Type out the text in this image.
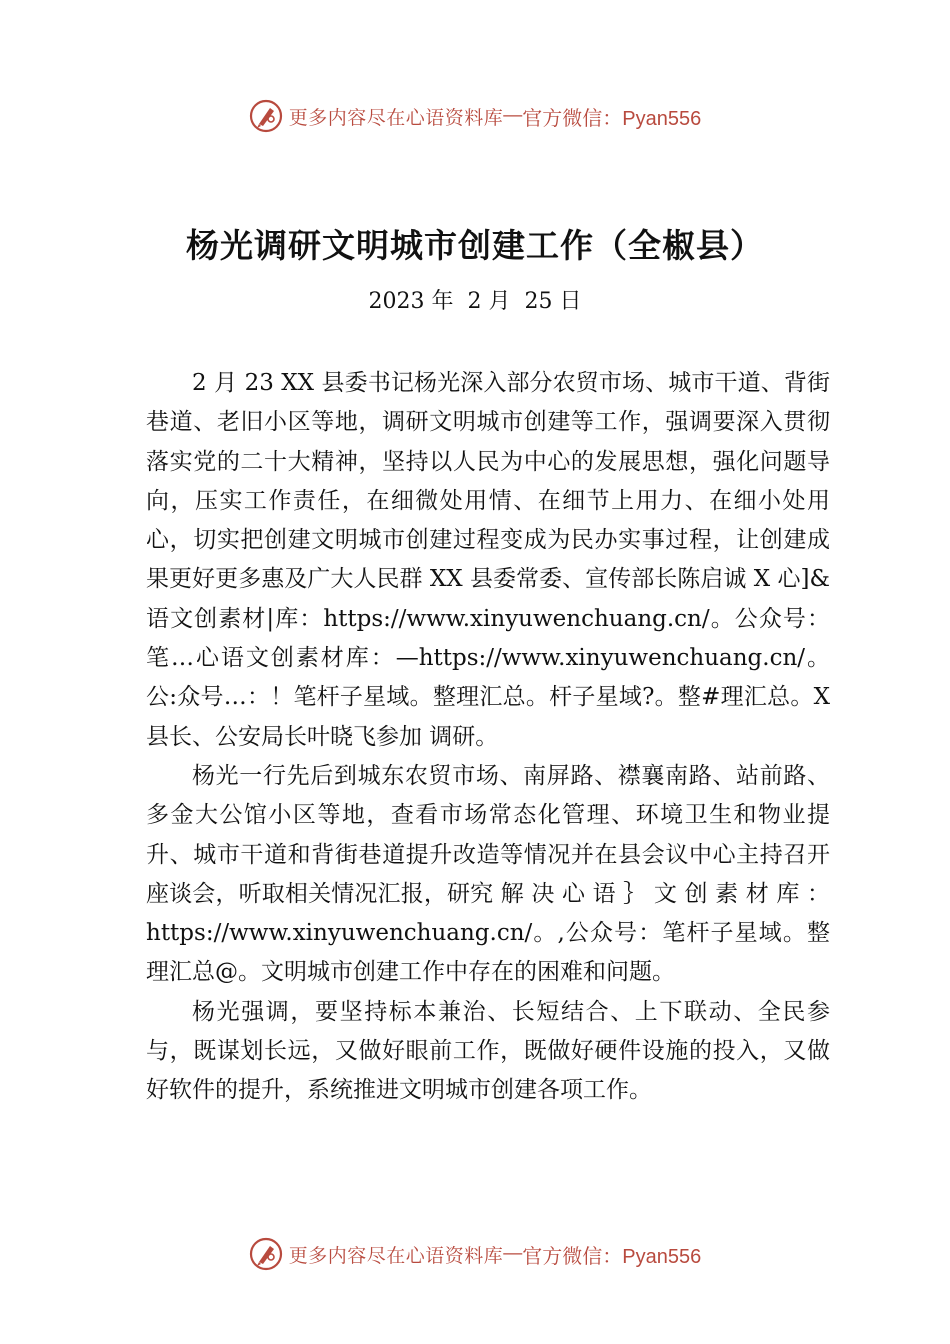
更多内容尽在心语资料库 — 官方微信：Pyan556
杨光调研文明城市创建工作（全椒县）
2023 年  2 月  25 日

2 月 23 XX 县委书记杨光深入部分农贸市场、城市干道、背街巷道、老旧小区等地，调研文明城市创建等工作，强调要深入贯彻落实党的二十大精神，坚持以人民为中心的发展思想，强化问题导向，压实工作责任，在细微处用情、在细节上用力、在细小处用心，切实把创建文明城市创建过程变成为民办实事过程，让创建成果更好更多惠及广大人民群 XX 县委常委、宣传部长陈启诚 X 心]&语文创素材|库：https://www.xinyuwenchuang.cn/。公众号：笔…心语文创素材库：—https://www.xinyuwenchuang.cn/。公:众号…：！笔杆子星域。整理汇总。杆子星域?。整#理汇总。X 县长、公安局长叶晓飞参加 调研。

杨光一行先后到城东农贸市场、南屏路、襟襄南路、站前路、多金大公馆小区等地，查看市场常态化管理、环境卫生和物业提升、城市干道和背街巷道提升改造等情况并在县会议中心主持召开座谈会，听取相关情况汇报，研究 解 决 心 语 ｝ 文 创 素 材 库 ： https://www.xinyuwenchuang.cn/。,公众号：笔杆子星域。整理汇总@。文明城市创建工作中存在的困难和问题。

杨光强调，要坚持标本兼治、长短结合、上下联动、全民参与，既谋划长远，又做好眼前工作，既做好硬件设施的投入，又做好软件的提升，系统推进文明城市创建各项工作。

更多内容尽在心语资料库 — 官方微信：Pyan556
